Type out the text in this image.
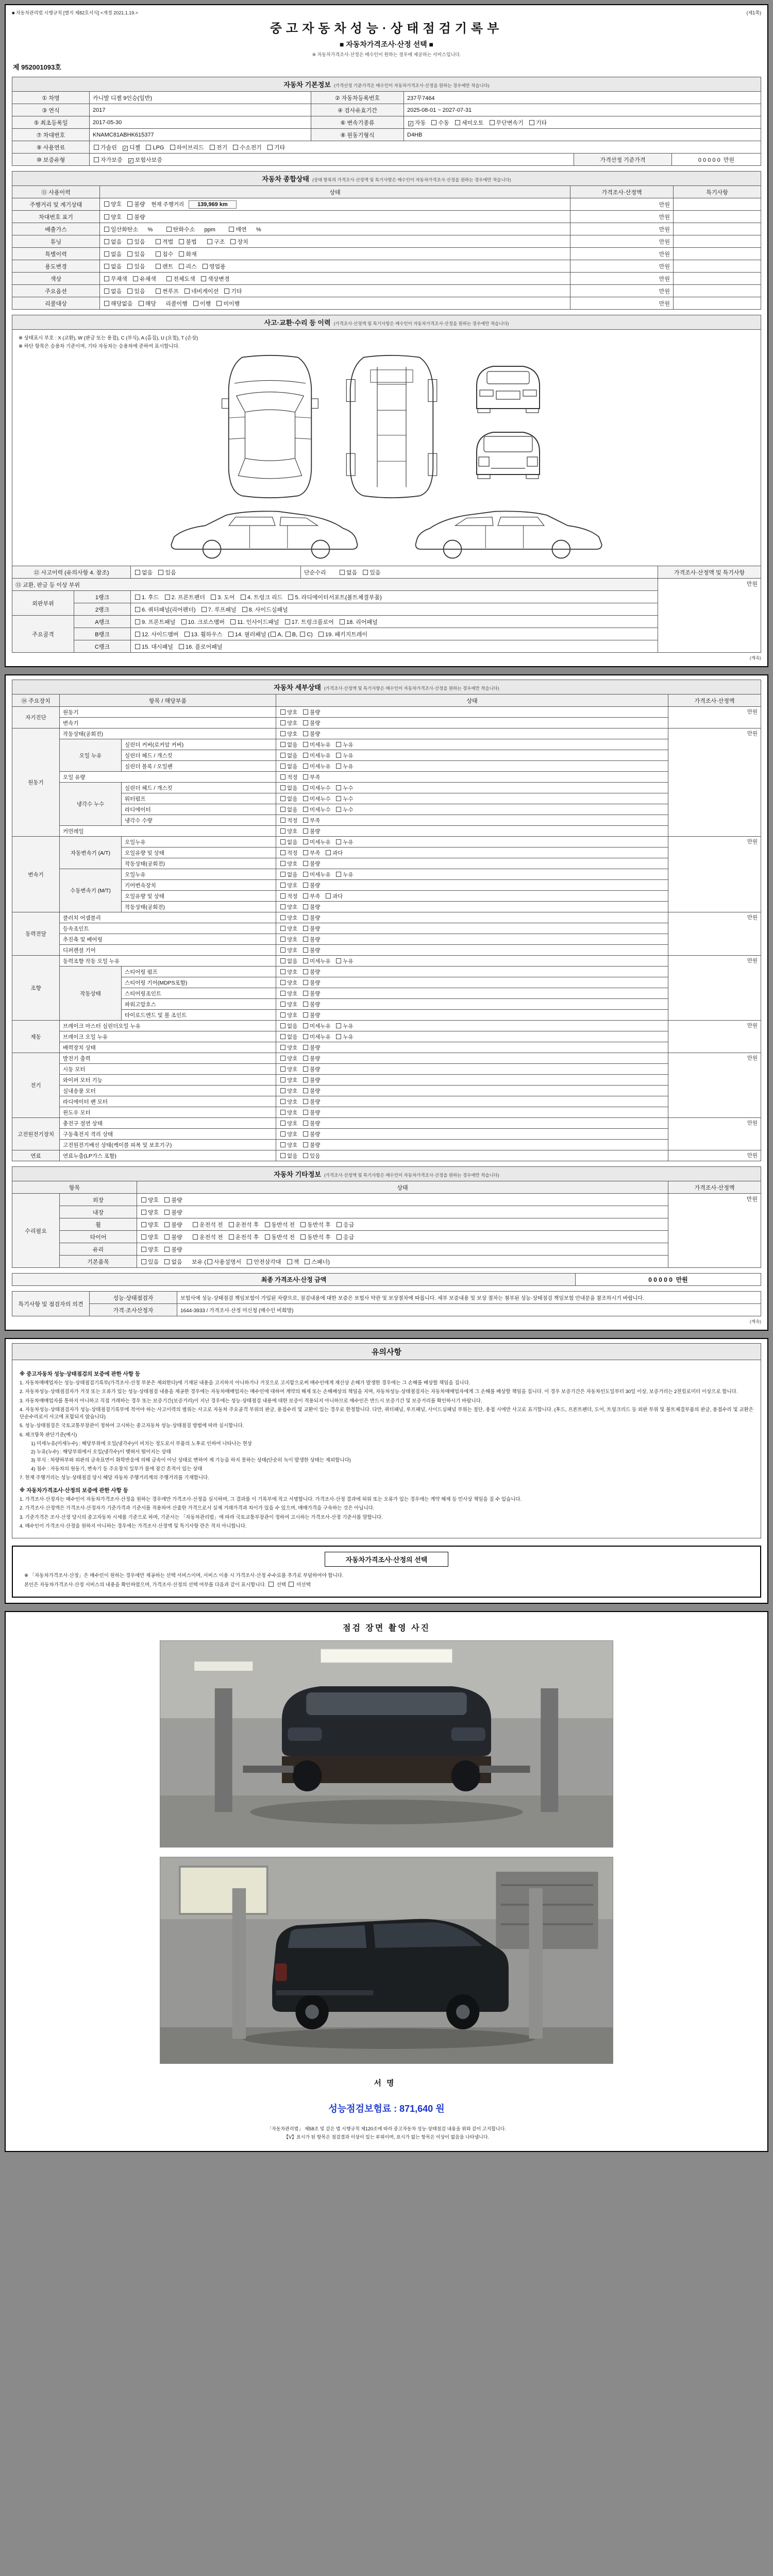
■ 자동차관리법 시행규칙 [별지 제82호서식] <개정 2021.1.19.>	(제1쪽)
중고자동차성능·상태점검기록부
■ 자동차가격조사·산정 선택 ■
※ 자동차가격조사·산정은 매수인이 원하는 경우에 제공하는 서비스입니다.
제 952001093호
자동차 기본정보 (가격산정 기준가격은 매수인이 자동차가격조사·산정을 원하는 경우에만 적습니다)
① 차명	카니발 디젤 9인승(일반)	② 자동차등록번호	237무7464		
③ 연식	2017	④ 검사유효기간	2025-08-01 ~ 2027-07-31		
⑤ 최초등록일	2017-05-30	⑥ 변속기종류	✓ 자동   수동   세미오토   무단변속기   기타		
⑦ 차대번호	KNAMC81ABHK615377	⑧ 원동기형식	D4HB		
⑨ 사용연료	가솔린   ✓ 디젤   LPG   하이브리드   전기   수소전기   기타				
⑩ 보증유형	자가보증   ✓ 보험사보증			가격산정 기준가격	0 0 0 0 0  만원
자동차 종합상태 (상태 항목의 가격조사·산정액 및 특기사항은 매수인이 자동차가격조사·산정을 원하는 경우에만 적습니다)
⑪ 사용이력	상태	가격조사·산정액	특기사항
주행거리 및 계기상태	양호   불량    현재 주행거리 139,969 km	만원	
차대번호 표기	양호   불량	만원	
배출가스	일산화탄소      %        탄화수소      ppm        매연      %	만원	
튜닝	없음   있음      적법   불법      구조   장치	만원	
특별이력	없음   있음      침수   화재	만원	
용도변경	없음   있음      렌트   리스   영업용	만원	
색상	무채색   유채색      전체도색   색상변경	만원	
주요옵션	없음   있음      썬루프   네비게이션   기타	만원	
리콜대상	해당없음   해당      리콜이행   이행   미이행	만원	
사고·교환·수리 등 이력 (가격조사·산정액 및 특기사항은 매수인이 자동차가격조사·산정을 원하는 경우에만 적습니다)
※ 상태표시 부호 : X (교환), W (판금 또는 용접), C (부식), A (흠집), U (요철), T (손상)
※ 하단 항목은 승용차 기준이며, 기타 자동차는 승용차에 준하여 표시합니다.
⑫ 사고이력 (유의사항 4. 참조)		없음   있음	단순수리        없음   있음	가격조사·산정액 및 특기사항
⑬ 교환, 판금 등 이상 부위				만원
외판부위	1랭크	1. 후드   2. 프론트펜더   3. 도어   4. 트렁크 리드   5. 라디에이터서포트(볼트체결부품)		
	2랭크	6. 쿼터패널(리어펜더)   7. 루프패널   8. 사이드실패널		
주요골격	A랭크	9. 프론트패널   10. 크로스멤버   11. 인사이드패널   17. 트렁크플로어   18. 리어패널		
	B랭크	12. 사이드멤버   13. 휠하우스   14. 필러패널 ( A, B, C)   19. 패키지트레이		
	C랭크	15. 대시패널   16. 플로어패널		
(계속)
자동차 세부상태 (가격조사·산정액 및 특기사항은 매수인이 자동차가격조사·산정을 원하는 경우에만 적습니다)
⑭ 주요장치	항목 / 해당부품		상태	가격조사·산정액
자기진단	원동기		양호   불량	만원
	변속기		양호   불량	
원동기	작동상태(공회전)		양호   불량	만원
	오일 누유	실린더 커버(로커암 커버)	없음   미세누유   누유	
		실린더 헤드 / 개스킷	없음   미세누유   누유	
		실린더 블록 / 오일팬	없음   미세누유   누유	
	오일 유량		적정   부족	
	냉각수 누수	실린더 헤드 / 개스킷	없음   미세누수   누수	
		워터펌프	없음   미세누수   누수	
		라디에이터	없음   미세누수   누수	
		냉각수 수량	적정   부족	
	커먼레일		양호   불량	
변속기	자동변속기 (A/T)	오일누유	없음   미세누유   누유	만원
		오일유량 및 상태	적정   부족   과다	
		작동상태(공회전)	양호   불량	
	수동변속기 (M/T)	오일누유	없음   미세누유   누유	
		기어변속장치	양호   불량	
		오일유량 및 상태	적정   부족   과다	
		작동상태(공회전)	양호   불량	
동력전달	클러치 어셈블리		양호   불량	만원
	등속조인트		양호   불량	
	추진축 및 베어링		양호   불량	
	디퍼렌셜 기어		양호   불량	
조향	동력조향 작동 오일 누유		없음   미세누유   누유	만원
	작동상태	스티어링 펌프	양호   불량	
		스티어링 기어(MDPS포함)	양호   불량	
		스티어링조인트	양호   불량	
		파워고압호스	양호   불량	
		타이로드엔드 및 볼 조인트	양호   불량	
제동	브레이크 마스터 실린더오일 누유		없음   미세누유   누유	만원
	브레이크 오일 누유		없음   미세누유   누유	
	배력장치 상태		양호   불량	
전기	발전기 출력		양호   불량	만원
	시동 모터		양호   불량	
	와이퍼 모터 기능		양호   불량	
	실내송풍 모터		양호   불량	
	라디에이터 팬 모터		양호   불량	
	윈도우 모터		양호   불량	
고전원전기장치	충전구 절연 상태		양호   불량	만원
	구동축전지 격리 상태		양호   불량	
	고전원전기배선 상태(케이블 피복 및 보호기구)		양호   불량	
연료	연료누출(LP가스 포함)		없음   있음	만원
자동차 기타정보 (가격조사·산정액 및 특기사항은 매수인이 자동차가격조사·산정을 원하는 경우에만 적습니다)
항목		상태	가격조사·산정액
수리필요	외장	양호   불량	만원
	내장	양호   불량	
	휠	양호   불량      운전석 전   운전석 후   동반석 전   동반석 후   응급	
	타이어	양호   불량      운전석 전   운전석 후   동반석 전   동반석 후   응급	
	유리	양호   불량	
	기본품목	있음   없음      보유 ( 사용설명서   안전삼각대   잭   스패너)	
최종 가격조사·산정 금액	0 0 0 0 0  만원
특기사항 및 점검자의 의견	성능·상태점검자	보험사에 성능·상태점검 책임보험이 가입된 차량으로, 점검내용에 대한 보증은 보험사 약관 및 보상절차에 따릅니다. 세부 보증내용 및 보상 절차는 첨부된 성능·상태점검 책임보험 안내문을 참조하시기 바랍니다.
	가격·조사산정자	1644-3933 / 가격조사·산정 미신청 (매수인 비희망)
(계속)
유의사항
※ 중고자동차 성능·상태점검의 보증에 관한 사항 등
1. 자동차매매업자는 성능·상태점검기록부(가격조사·산정 부분은 제외한다)에 기재된 내용을 고지하지 아니하거나 거짓으로 고지함으로써 매수인에게 재산상 손해가 발생한 경우에는 그 손해를 배상할 책임을 집니다.
2. 자동차성능·상태점검자가 거짓 또는 오류가 있는 성능·상태점검 내용을 제공한 경우에는 자동차매매업자는 매수인에 대하여 계약의 해제 또는 손해배상의 책임을 지며, 자동차성능·상태점검자는 자동차매매업자에게 그 손해를 배상할 책임을 집니다. 이 경우 보증기간은 자동차인도일부터 30일 이상, 보증거리는 2천킬로미터 이상으로 합니다.
3. 자동차매매업자를 통하지 아니하고 직접 거래하는 경우 또는 보증기간(보증거리)이 지난 경우에는 성능·상태점검 내용에 대한 보증이 적용되지 아니하므로 매수인은 반드시 보증기간 및 보증거리를 확인하시기 바랍니다.
4. 자동차성능·상태점검자가 성능·상태점검기록부에 적어야 하는 사고이력의 범위는 사고로 자동차 주요골격 부위의 판금, 용접수리 및 교환이 있는 경우로 한정합니다. 다만, 쿼터패널, 루프패널, 사이드실패널 부위는 절단, 용접 시에만 사고로 표기합니다. (후드, 프론트펜더, 도어, 트렁크리드 등 외판 부위 및 볼트체결부품의 판금, 용접수리 및 교환은 단순수리로서 사고에 포함되지 않습니다)
5. 성능·상태점검은 국토교통부장관이 정하여 고시하는 중고자동차 성능·상태점검 방법에 따라 실시합니다.
6. 체크항목 판단기준(예시)
1) 미세누유(미세누수) : 해당부위에 오일(냉각수)이 비치는 정도로서 부품의 노후로 인하여 나타나는 현상
2) 누유(누수) : 해당부위에서 오일(냉각수)이 맺혀서 떨어지는 상태
3) 부식 : 차량하부와 외판의 금속표면이 화학반응에 의해 금속이 아닌 상태로 변하여 제 기능을 하지 못하는 상태(단순히 녹이 발생한 상태는 제외합니다)
4) 침수 : 자동차의 원동기, 변속기 등 주요장치 일부가 물에 잠긴 흔적이 있는 상태
7. 현재 주행거리는 성능·상태점검 당시 해당 자동차 주행거리계의 주행거리를 기재합니다.
※ 자동차가격조사·산정의 보증에 관한 사항 등
1. 가격조사·산정자는 매수인이 자동차가격조사·산정을 원하는 경우에만 가격조사·산정을 실시하며, 그 결과를 이 기록부에 적고 서명합니다. 가격조사·산정 결과에 허위 또는 오류가 있는 경우에는 계약 해제 등 민사상 책임을 질 수 있습니다.
2. 가격조사·산정액은 가격조사·산정자가 기준가격과 기준서를 적용하여 산출한 가격으로서 실제 거래가격과 차이가 있을 수 있으며, 매매가격을 구속하는 것은 아닙니다.
3. 기준가격은 조사·산정 당시의 중고자동차 시세를 기준으로 하며, 기준서는 「자동차관리법」에 따라 국토교통부장관이 정하여 고시하는 가격조사·산정 기준서를 말합니다.
4. 매수인이 가격조사·산정을 원하지 아니하는 경우에는 가격조사·산정액 및 특기사항 란은 적지 아니합니다.
자동차가격조사·산정의 선택
※ 「자동차가격조사·산정」은 매수인이 원하는 경우에만 제공하는 선택 서비스이며, 서비스 이용 시 가격조사·산정 수수료를 추가로 부담하여야 합니다.
본인은 자동차가격조사·산정 서비스의 내용을 확인하였으며, 가격조사·산정의 선택 여부를 다음과 같이 표시합니다.  선택  미선택
점검 장면 촬영 사진
서명
성능점검보험료 : 871,640 원
「자동차관리법」 제58조 및 같은 법 시행규칙 제120조에 따라 중고자동차 성능·상태점검 내용을 위와 같이 고지합니다.
【V】표시가 된 항목은 점검결과 이상이 있는 부위이며, 표시가 없는 항목은 이상이 없음을 나타냅니다.
